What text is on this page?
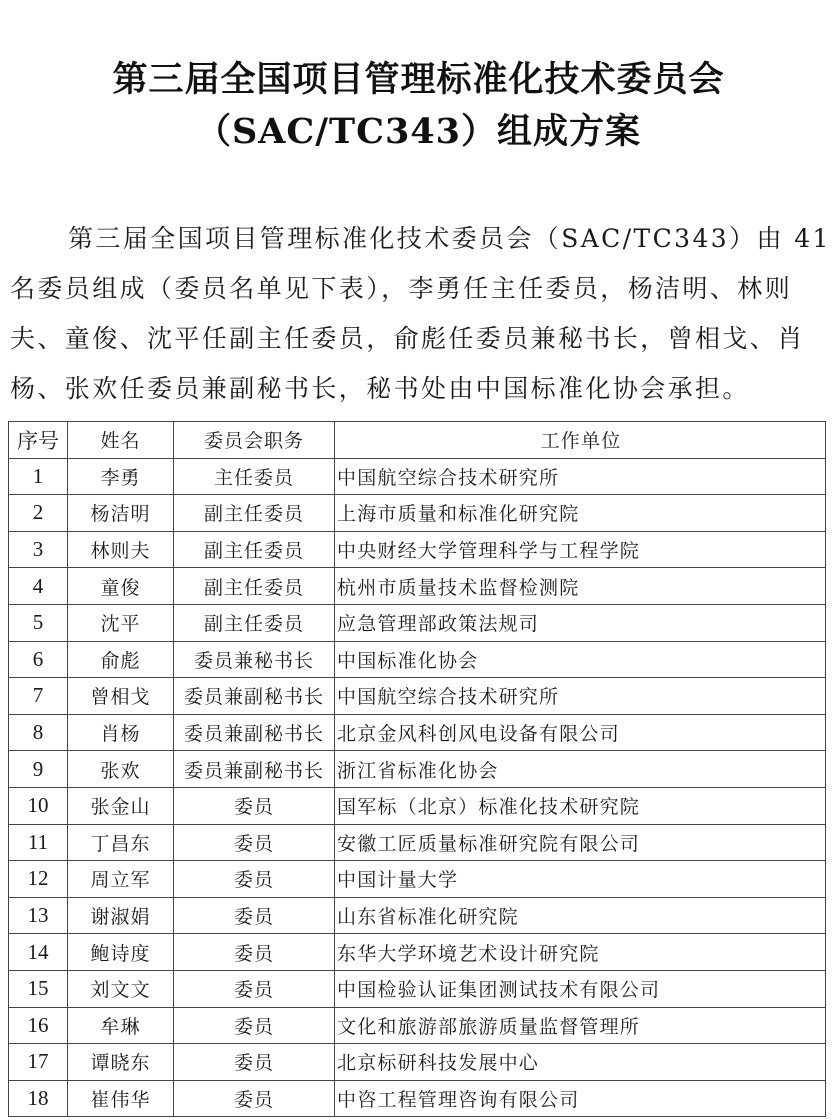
第三届全国项目管理标准化技术委员会
（SAC/TC343）组成方案
第三届全国项目管理标准化技术委员会（SAC/TC343）由 41
名委员组成（委员名单见下表），李勇任主任委员，杨洁明、林则
夫、童俊、沈平任副主任委员，俞彪任委员兼秘书长，曾相戈、肖
杨、张欢任委员兼副秘书长，秘书处由中国标准化协会承担。
序号	姓名	委员会职务	工作单位
1	李勇	主任委员	中国航空综合技术研究所
2	杨洁明	副主任委员	上海市质量和标准化研究院
3	林则夫	副主任委员	中央财经大学管理科学与工程学院
4	童俊	副主任委员	杭州市质量技术监督检测院
5	沈平	副主任委员	应急管理部政策法规司
6	俞彪	委员兼秘书长	中国标准化协会
7	曾相戈	委员兼副秘书长	中国航空综合技术研究所
8	肖杨	委员兼副秘书长	北京金风科创风电设备有限公司
9	张欢	委员兼副秘书长	浙江省标准化协会
10	张金山	委员	国军标（北京）标准化技术研究院
11	丁昌东	委员	安徽工匠质量标准研究院有限公司
12	周立军	委员	中国计量大学
13	谢淑娟	委员	山东省标准化研究院
14	鲍诗度	委员	东华大学环境艺术设计研究院
15	刘文文	委员	中国检验认证集团测试技术有限公司
16	牟琳	委员	文化和旅游部旅游质量监督管理所
17	谭晓东	委员	北京标研科技发展中心
18	崔伟华	委员	中咨工程管理咨询有限公司
